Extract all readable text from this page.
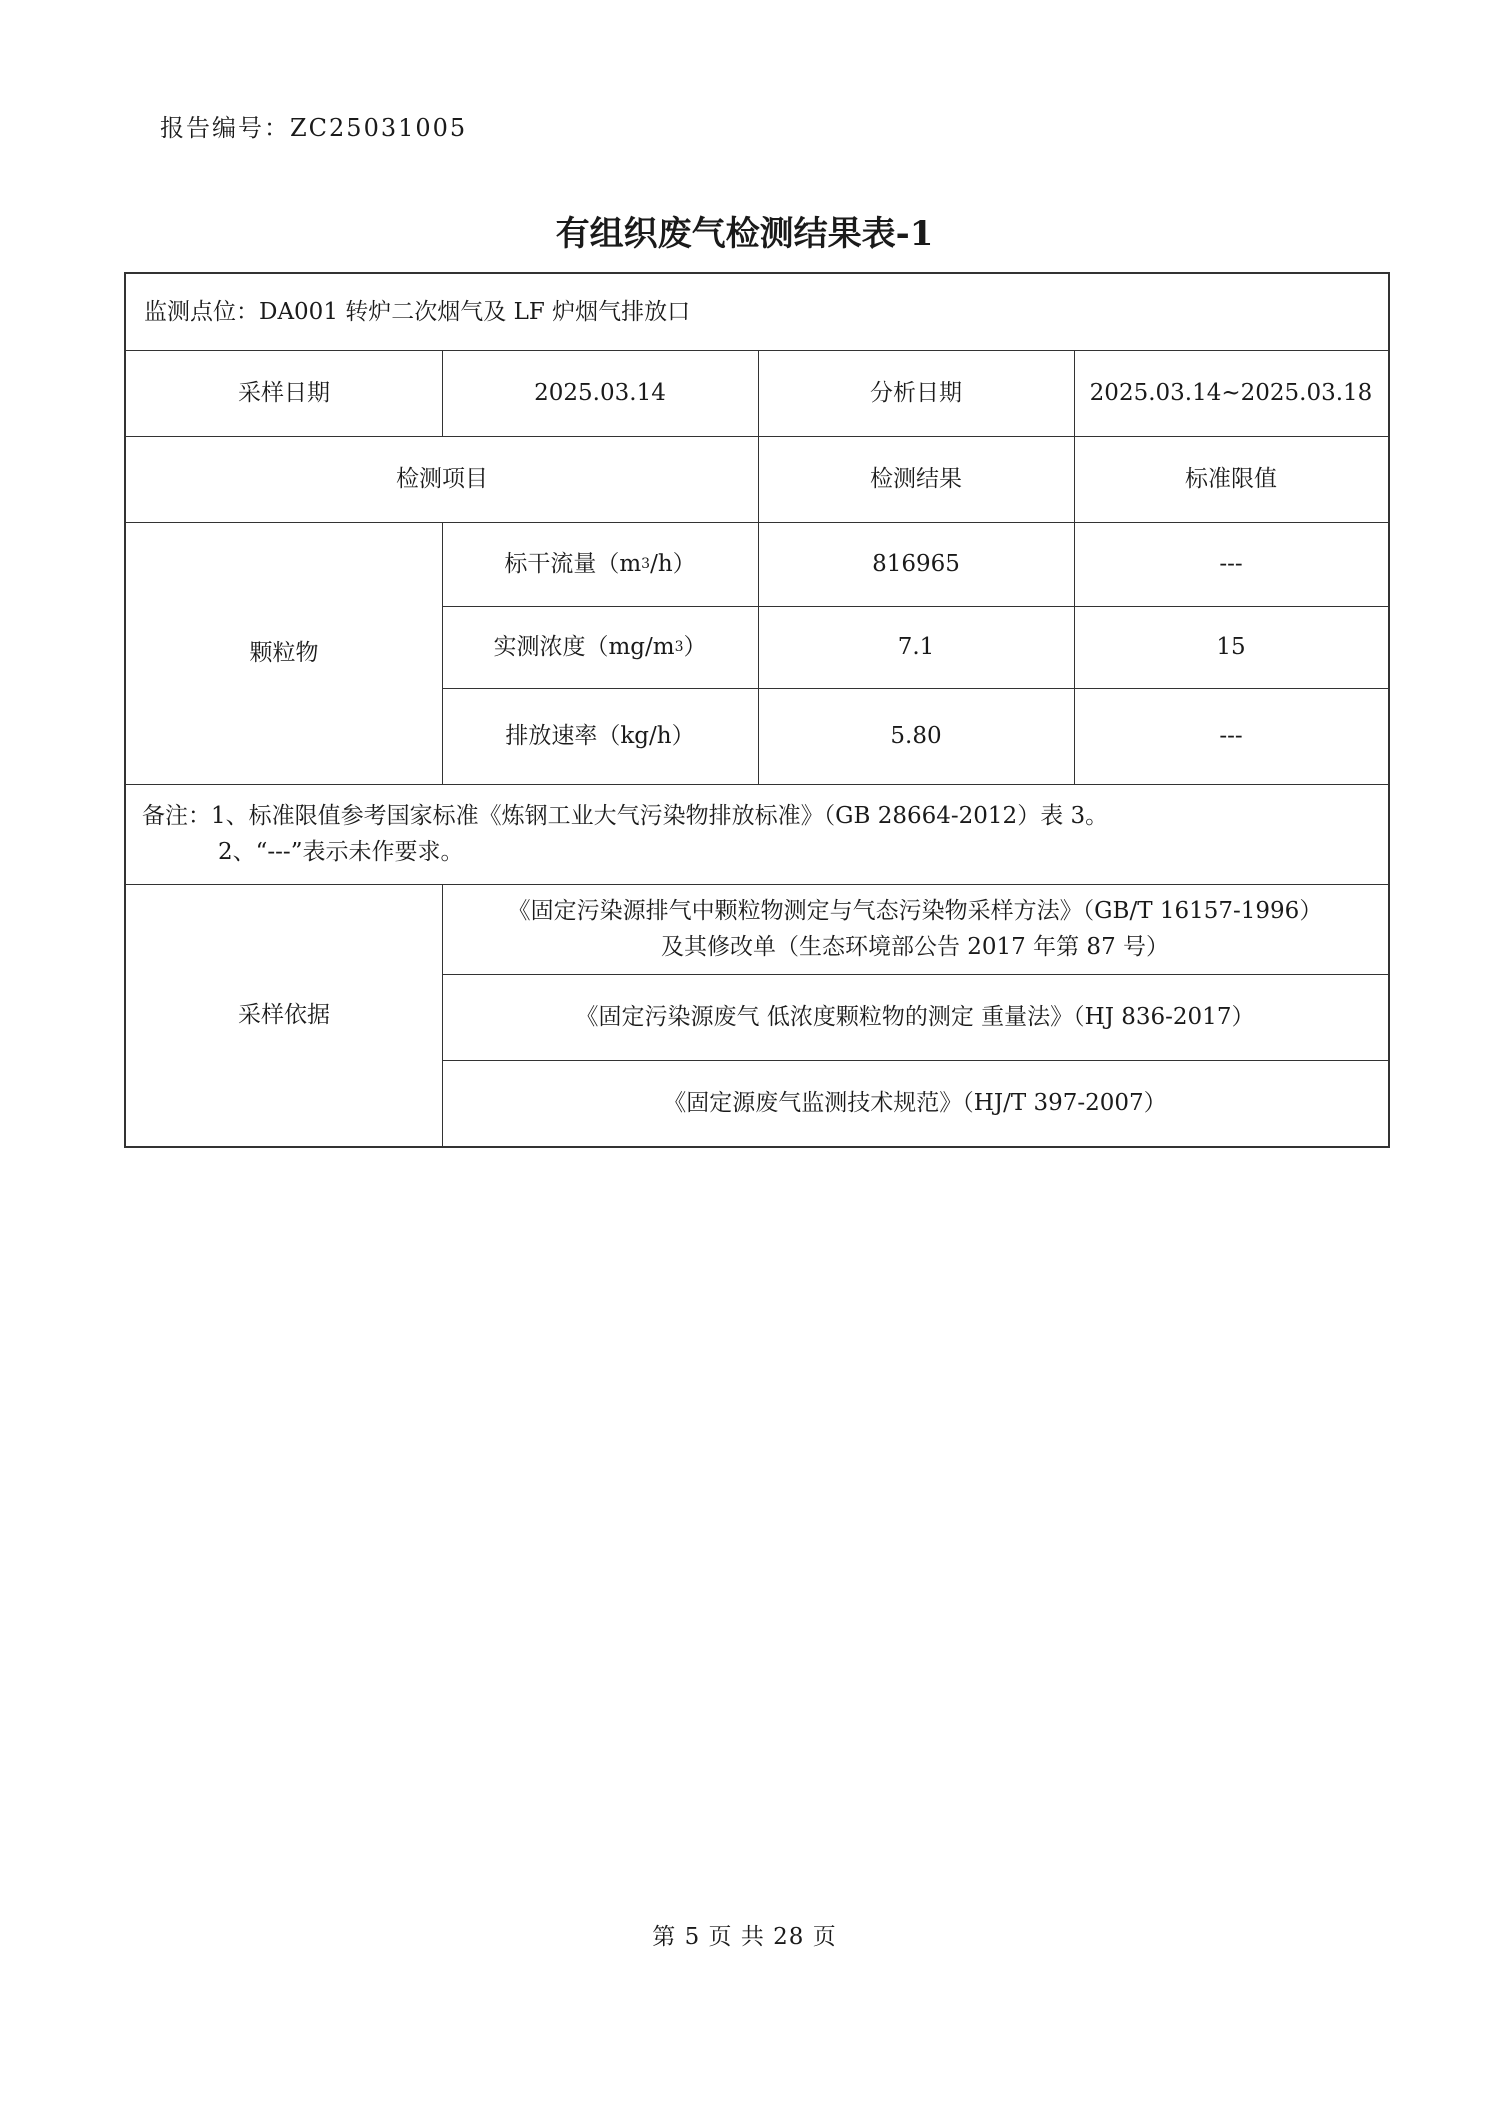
报告编号：ZC25031005
有组织废气检测结果表-1
监测点位： DA001 转炉二次烟气及 LF 炉烟气排放口
采样日期	2025.03.14	分析日期	2025.03.14~2025.03.18
检测项目	检测结果	标准限值
颗粒物
标干流量（m 3 /h）	816965	---
实测浓度（mg/m 3 ）	7.1	15
排放速率（kg/h）	5.80	---
备注：1、标准限值参考国家标准《炼钢工业大气污染物排放标准》（GB 28664-2012）表 3。
2、“---”表示未作要求。
采样依据
《固定污染源排气中颗粒物测定与气态污染物采样方法》（GB/T 16157-1996）
及其修改单（生态环境部公告 2017 年第 87 号）
《固定污染源废气 低浓度颗粒物的测定 重量法》（HJ 836-2017）
《固定源废气监测技术规范》（HJ/T 397-2007）
第 5 页 共 28 页
